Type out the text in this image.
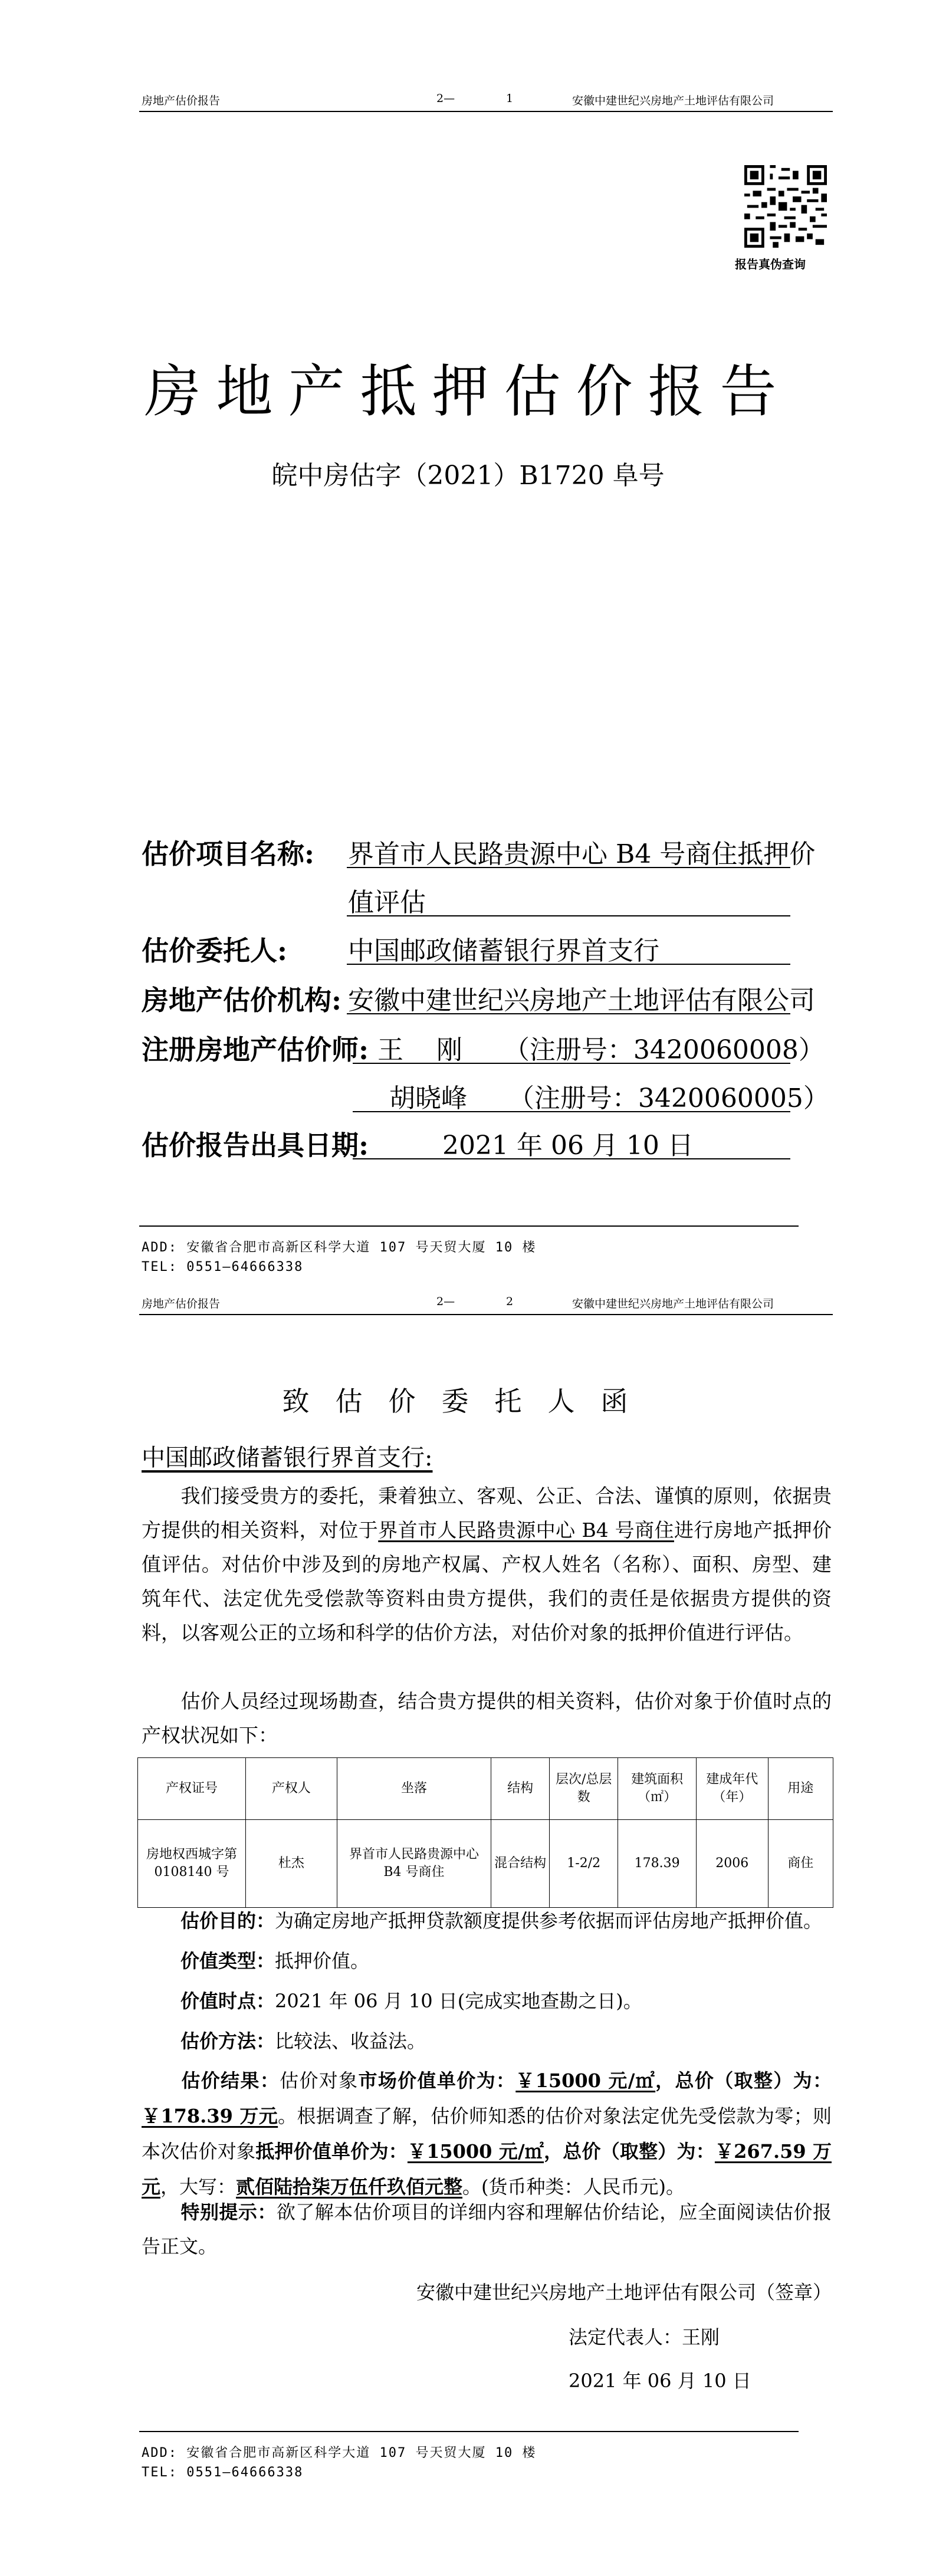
房地产估价报告	2—	1	安徽中建世纪兴房地产土地评估有限公司
报告真伪查询
房地产抵押估价报告
皖中房估字（2021）B1720 阜号
估价项目名称: 界首市人民路贵源中心 B4 号商住抵押价
值评估
估价委托人: 中国邮政储蓄银行界首支行
房地产估价机构: 安徽中建世纪兴房地产土地评估有限公司
注册房地产估价师: 王    刚     （注册号：3420060008）
胡晓峰     （注册号：3420060005）
估价报告出具日期:	2021 年 06 月 10 日
ADD: 安徽省合肥市高新区科学大道 107 号天贸大厦 10 楼
TEL: 0551—64666338
房地产估价报告	2—	2	安徽中建世纪兴房地产土地评估有限公司
致估价委托人函
中国邮政储蓄银行界首支行:
我们接受贵方的委托，秉着独立、客观、公正、合法、谨慎的原则，依据贵方提供的相关资料，对位于界首市人民路贵源中心 B4 号商住进行房地产抵押价值评估。对估价中涉及到的房地产权属、产权人姓名（名称）、面积、房型、建筑年代、法定优先受偿款等资料由贵方提供，我们的责任是依据贵方提供的资料，以客观公正的立场和科学的估价方法，对估价对象的抵押价值进行评估。
估价人员经过现场勘查，结合贵方提供的相关资料，估价对象于价值时点的产权状况如下：
产权证号	产权人	坐落	结构	层次/总层数	建筑面积（㎡）	建成年代（年）	用途
房地权西城字第 0108140 号	杜杰	界首市人民路贵源中心 B4 号商住	混合结构	1-2/2	178.39	2006	商住
估价目的：为确定房地产抵押贷款额度提供参考依据而评估房地产抵押价值。
价值类型：抵押价值。
价值时点：2021 年 06 月 10 日(完成实地查勘之日)。
估价方法：比较法、收益法。
估价结果：估价对象市场价值单价为：￥15000 元/㎡，总价（取整）为：￥178.39 万元。根据调查了解，估价师知悉的估价对象法定优先受偿款为零；则本次估价对象抵押价值单价为：￥15000 元/㎡，总价（取整）为：￥267.59 万元，大写：贰佰陆拾柒万伍仟玖佰元整。(货币种类：人民币元)。
特别提示：欲了解本估价项目的详细内容和理解估价结论，应全面阅读估价报告正文。
安徽中建世纪兴房地产土地评估有限公司（签章）
法定代表人：王刚
2021 年 06 月 10 日
ADD: 安徽省合肥市高新区科学大道 107 号天贸大厦 10 楼
TEL: 0551—64666338
